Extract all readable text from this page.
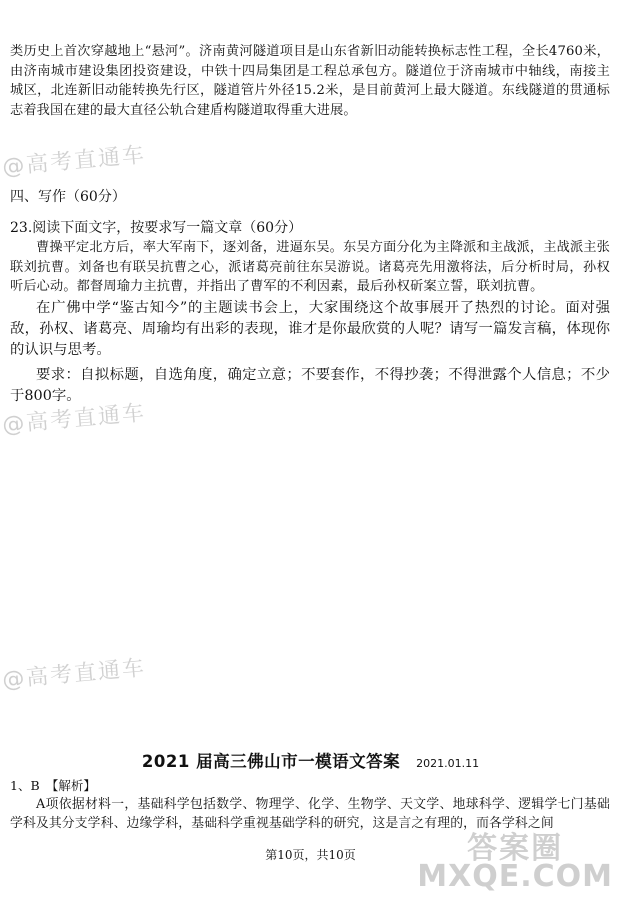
类历史上首次穿越地上“悬河”。济南黄河隧道项目是山东省新旧动能转换标志性工程，全长4760米，由济南城市建设集团投资建设，中铁十四局集团是工程总承包方。隧道位于济南城市中轴线，南接主城区，北连新旧动能转换先行区，隧道管片外径15.2米，是目前黄河上最大隧道。东线隧道的贯通标志着我国在建的最大直径公轨合建盾构隧道取得重大进展。

四、写作（60分）

23.阅读下面文字，按要求写一篇文章（60分）

曹操平定北方后，率大军南下，逐刘备，进逼东吴。东吴方面分化为主降派和主战派，主战派主张联刘抗曹。刘备也有联吴抗曹之心，派诸葛亮前往东吴游说。诸葛亮先用激将法，后分析时局，孙权听后心动。都督周瑜力主抗曹，并指出了曹军的不利因素，最后孙权斫案立誓，联刘抗曹。

在广佛中学“鉴古知今”的主题读书会上，大家围绕这个故事展开了热烈的讨论。面对强敌，孙权、诸葛亮、周瑜均有出彩的表现，谁才是你最欣赏的人呢？请写一篇发言稿，体现你的认识与思考。

要求：自拟标题，自选角度，确定立意；不要套作，不得抄袭；不得泄露个人信息；不少于800字。

@高考直通车
@高考直通车
@高考直通车
2021 届高三佛山市一模语文答案 2021.01.11

1、B　【解析】

A项依据材料一，基础科学包括数学、物理学、化学、生物学、天文学、地球科学、逻辑学七门基础学科及其分支学科、边缘学科，基础科学重视基础学科的研究，这是言之有理的，而各学科之间

第10页，共10页	答案圈
MXQE.COM
